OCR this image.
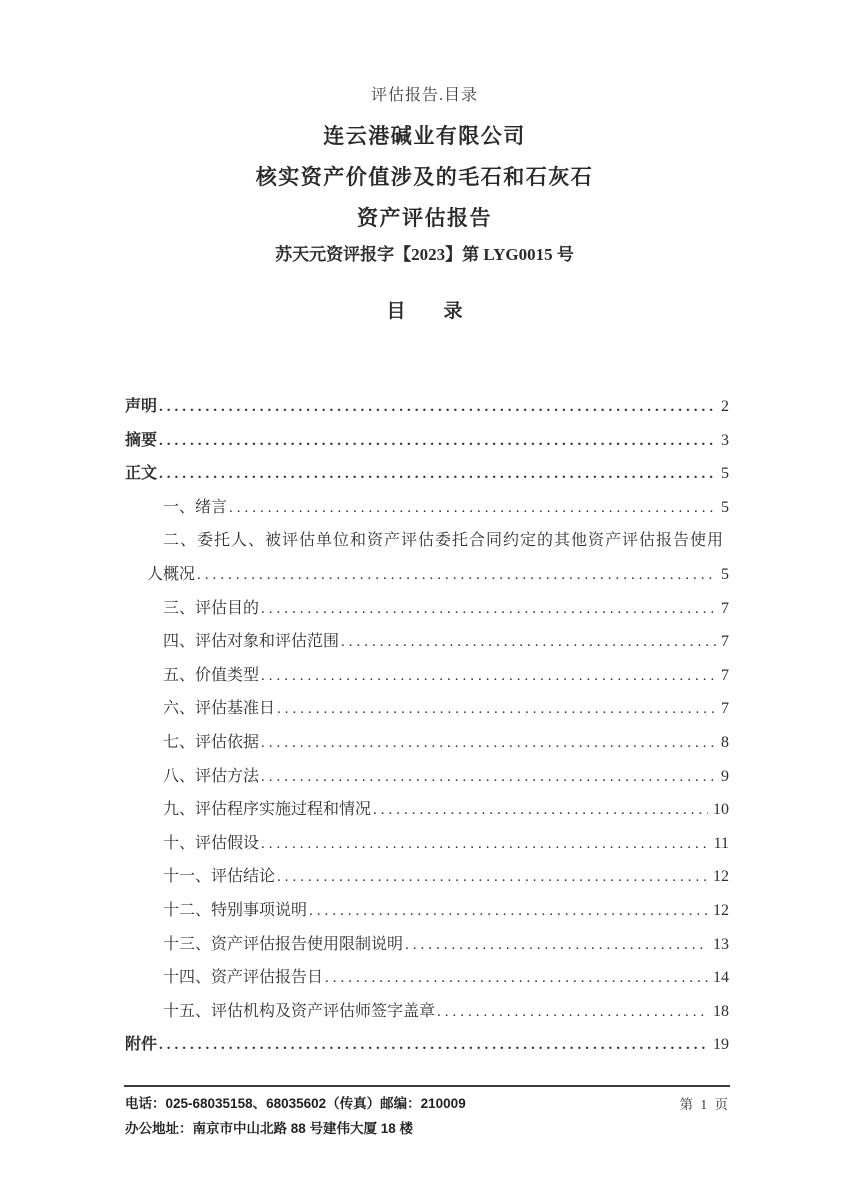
评估报告.目录
连云港碱业有限公司
核实资产价值涉及的毛石和石灰石
资产评估报告
苏天元资评报字【2023】第 LYG0015 号
目　　录
声明 .....	2
摘要 .....	3
正文 .....	5
一、绪言 .....	5
二、委托人、被评估单位和资产评估委托合同约定的其他资产评估报告使用
人概况 .....	5
三、评估目的 .....	7
四、评估对象和评估范围 .....	7
五、价值类型 .....	7
六、评估基准日 .....	7
七、评估依据 .....	8
八、评估方法 .....	9
九、评估程序实施过程和情况 .....	10
十、评估假设 .....	11
十一、评估结论 .....	12
十二、特别事项说明 .....	12
十三、资产评估报告使用限制说明 .....	13
十四、资产评估报告日 .....	14
十五、评估机构及资产评估师签字盖章 .....	18
附件 .....	19
电话：025-68035158、68035602（传真）邮编：210009
办公地址：南京市中山北路 88 号建伟大厦 18 楼
第 1 页
